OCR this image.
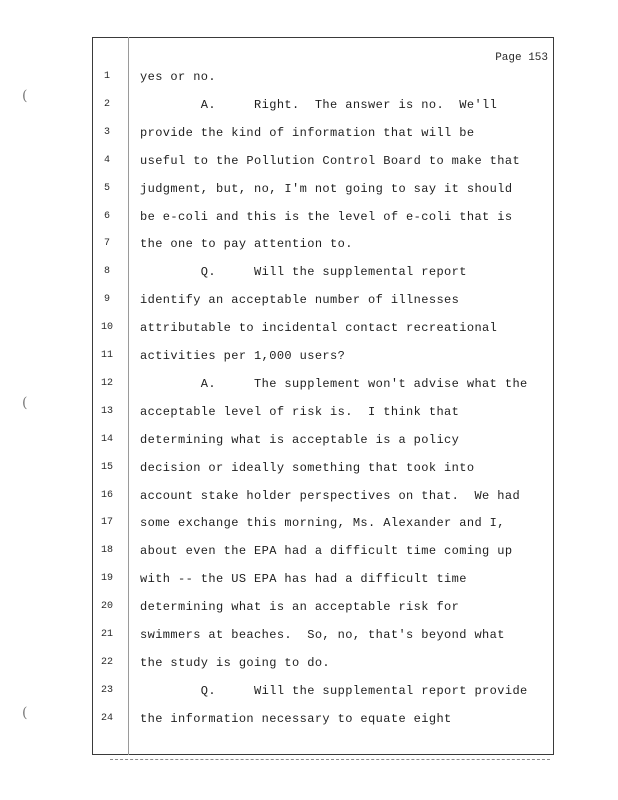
Page 153
(
(
(
1	yes or no.
2	A.     Right.  The answer is no.  We'll
3	provide the kind of information that will be
4	useful to the Pollution Control Board to make that
5	judgment, but, no, I'm not going to say it should
6	be e-coli and this is the level of e-coli that is
7	the one to pay attention to.
8	Q.     Will the supplemental report
9	identify an acceptable number of illnesses
10	attributable to incidental contact recreational
11	activities per 1,000 users?
12	A.     The supplement won't advise what the
13	acceptable level of risk is.  I think that
14	determining what is acceptable is a policy
15	decision or ideally something that took into
16	account stake holder perspectives on that.  We had
17	some exchange this morning, Ms. Alexander and I,
18	about even the EPA had a difficult time coming up
19	with -- the US EPA has had a difficult time
20	determining what is an acceptable risk for
21	swimmers at beaches.  So, no, that's beyond what
22	the study is going to do.
23	Q.     Will the supplemental report provide
24	the information necessary to equate eight
